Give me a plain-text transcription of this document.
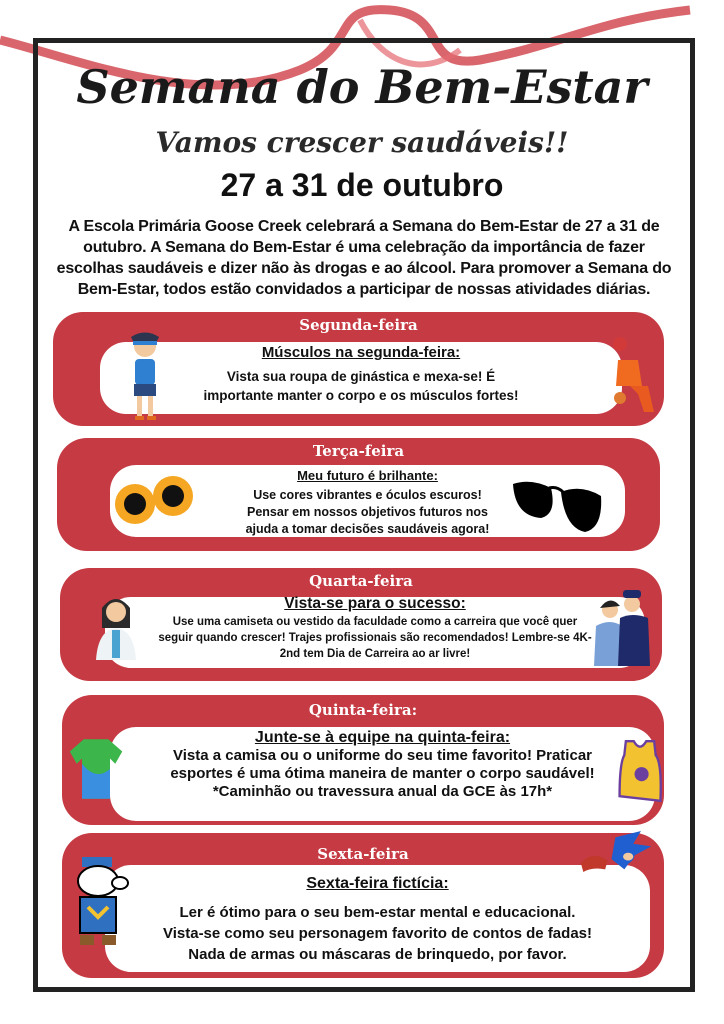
Semana do Bem-Estar
Vamos crescer saudáveis!!
27 a 31 de outubro
A Escola Primária Goose Creek celebrará a Semana do Bem-Estar de 27 a 31 de outubro. A Semana do Bem-Estar é uma celebração da importância de fazer escolhas saudáveis e dizer não às drogas e ao álcool. Para promover a Semana do Bem-Estar, todos estão convidados a participar de nossas atividades diárias.
Segunda-feira
Músculos na segunda-feira:
Vista sua roupa de ginástica e mexa-se! É importante manter o corpo e os músculos fortes!
Terça-feira
Meu futuro é brilhante:
Use cores vibrantes e óculos escuros! Pensar em nossos objetivos futuros nos ajuda a tomar decisões saudáveis agora!
Quarta-feira
Vista-se para o sucesso:
Use uma camiseta ou vestido da faculdade como a carreira que você quer seguir quando crescer! Trajes profissionais são recomendados! Lembre-se 4K-2nd tem Dia de Carreira ao ar livre!
Quinta-feira:
Junte-se à equipe na quinta-feira:
Vista a camisa ou o uniforme do seu time favorito! Praticar esportes é uma ótima maneira de manter o corpo saudável!
*Caminhão ou travessura anual da GCE às 17h*
Sexta-feira
Sexta-feira fictícia:
Ler é ótimo para o seu bem-estar mental e educacional. Vista-se como seu personagem favorito de contos de fadas! Nada de armas ou máscaras de brinquedo, por favor.
